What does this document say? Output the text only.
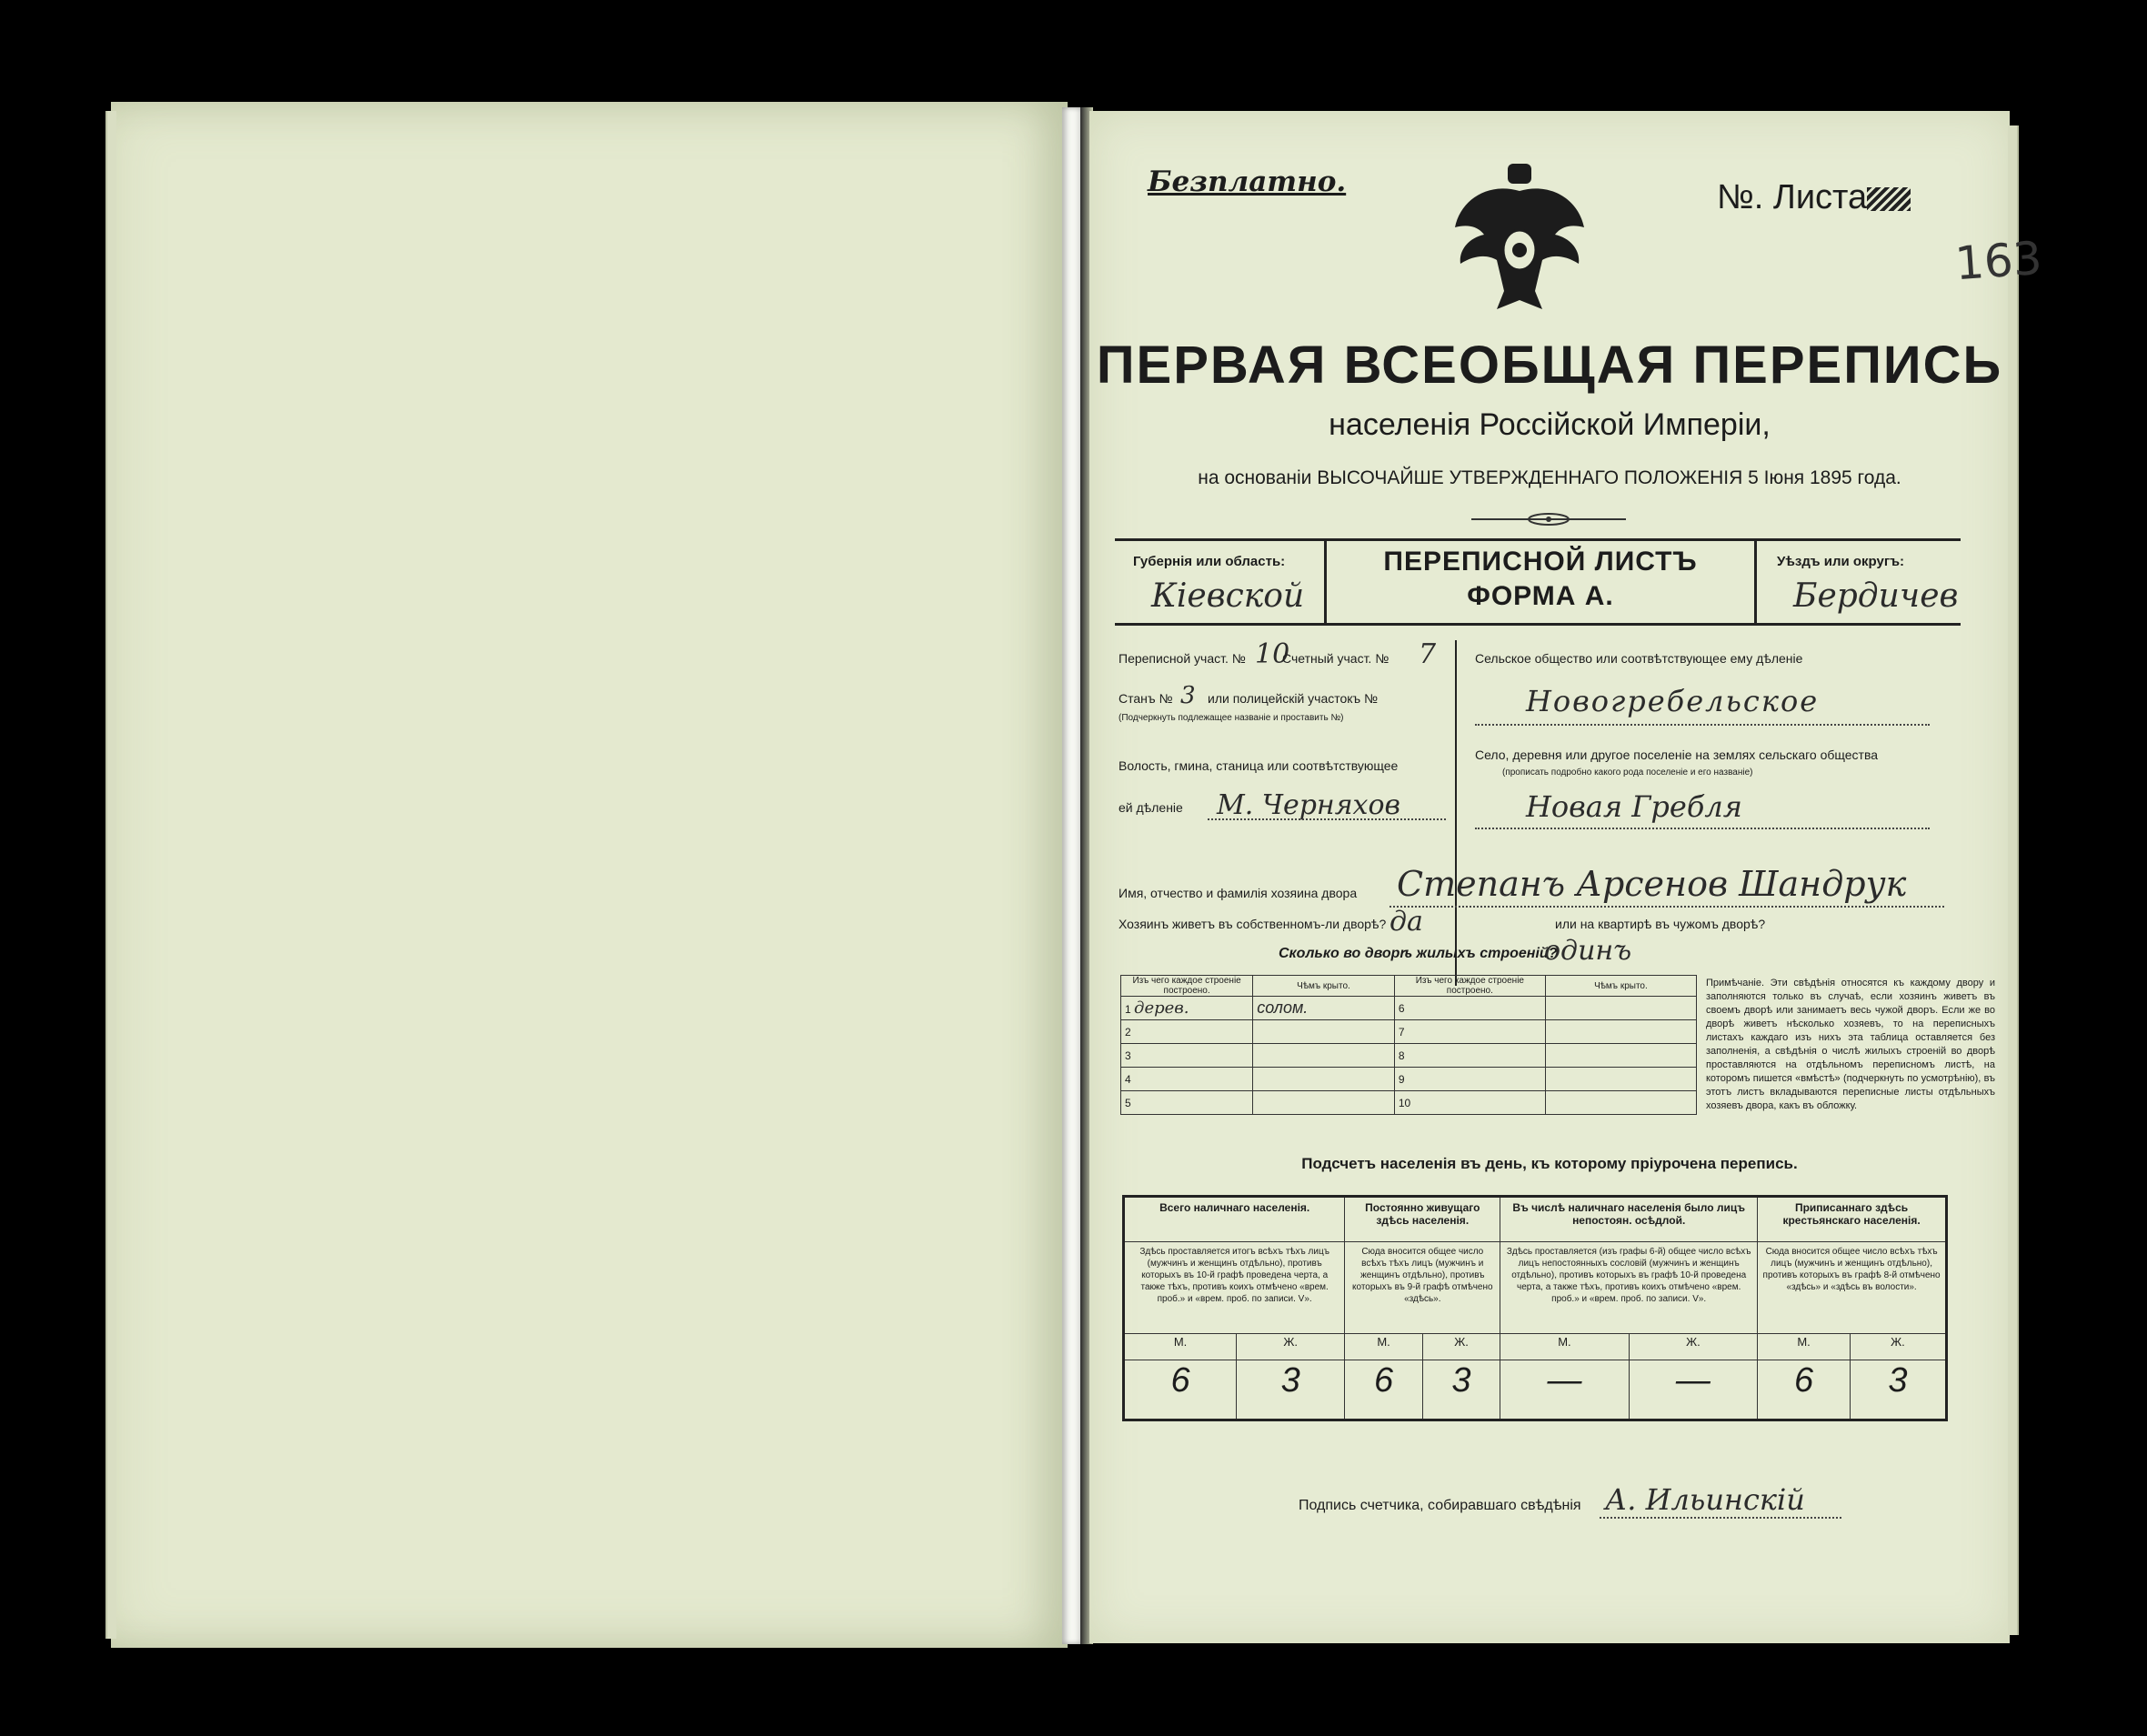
Безплатно.	№. Листа
163
ПЕРВАЯ ВСЕОБЩАЯ ПЕРЕПИСЬ
населенія Россійской Имперіи,
на основаніи ВЫСОЧАЙШЕ УТВЕРЖДЕННАГО ПОЛОЖЕНІЯ 5 Іюня 1895 года.
Губернія или область:
Кіевской
ПЕРЕПИСНОЙ ЛИСТЪ
ФОРМА А.
Уѣздъ или округъ:
Бердичев
Переписной участ. № 10
Счетный участ. № 7
Станъ № 3 или полицейскій участокъ №
(Подчеркнуть подлежащее названіе и проставить №)
Волость, гмина, станица или соотвѣтствующее
ей дѣленіе М. Черняхов
Сельское общество или соотвѣтствующее ему дѣленіе
Новогребельское
Село, деревня или другое поселеніе на землях сельскаго общества
(прописать подробно какого рода поселеніе и его названіе)
Новая Гребля
Имя, отчество и фамилія хозяина двора Степанъ Арсенов Шандрук
Хозяинъ живетъ въ собственномъ-ли дворѣ? да	или на квартирѣ въ чужомъ дворѣ?
Сколько во дворѣ жилыхъ строеній?
одинъ
Изъ чего каждое строеніе построено.	Чѣмъ крыто.	Изъ чего каждое строеніе построено.	Чѣмъ крыто.
1 дерев.	солом.	6	
2		7	
3		8	
4		9	
5		10	
Примѣчаніе. Эти свѣдѣнія относятся къ каждому двору и заполняются только въ случаѣ, если хозяинъ живетъ въ своемъ дворѣ или занимаетъ весь чужой дворъ. Если же во дворѣ живетъ нѣсколько хозяевъ, то на переписныхъ листахъ каждаго изъ нихъ эта таблица оставляется без заполненія, а свѣдѣнія о числѣ жилыхъ строеній во дворѣ проставляются на отдѣльномъ переписномъ листѣ, на которомъ пишется «вмѣстѣ» (подчеркнуть по усмотрѣнію), въ этотъ листъ вкладываются переписные листы отдѣльныхъ хозяевъ двора, какъ въ обложку.
Подсчетъ населенія въ день, къ которому пріурочена перепись.
Всего наличнаго населенія.		Постоянно живущаго здѣсь населенія.		Въ числѣ наличнаго населенія было лицъ непостоян. осѣдлой.		Приписаннаго здѣсь крестьянскаго населенія.	
Здѣсь проставляется итогъ всѣхъ тѣхъ лицъ (мужчинъ и женщинъ отдѣльно), противъ которыхъ въ 10-й графѣ проведена черта, а также тѣхъ, противъ коихъ отмѣчено «врем. проб.» и «врем. проб. по записи. V».		Сюда вносится общее число всѣхъ тѣхъ лицъ (мужчинъ и женщинъ отдѣльно), противъ которыхъ въ 9-й графѣ отмѣчено «здѣсь».		Здѣсь проставляется (изъ графы 6-й) общее число всѣхъ лицъ непостоянныхъ сословій (мужчинъ и женщинъ отдѣльно), противъ которыхъ въ графѣ 10-й проведена черта, а также тѣхъ, противъ коихъ отмѣчено «врем. проб.» и «врем. проб. по записи. V».		Сюда вносится общее число всѣхъ тѣхъ лицъ (мужчинъ и женщинъ отдѣльно), противъ которыхъ въ графѣ 8-й отмѣчено «здѣсь» и «здѣсь въ волости».	
М.	Ж.	М.	Ж.	М.	Ж.	М.	Ж.
6	3	6	3	—	—	6	3
Подпись счетчика, собиравшаго свѣдѣнія А. Ильинскій
